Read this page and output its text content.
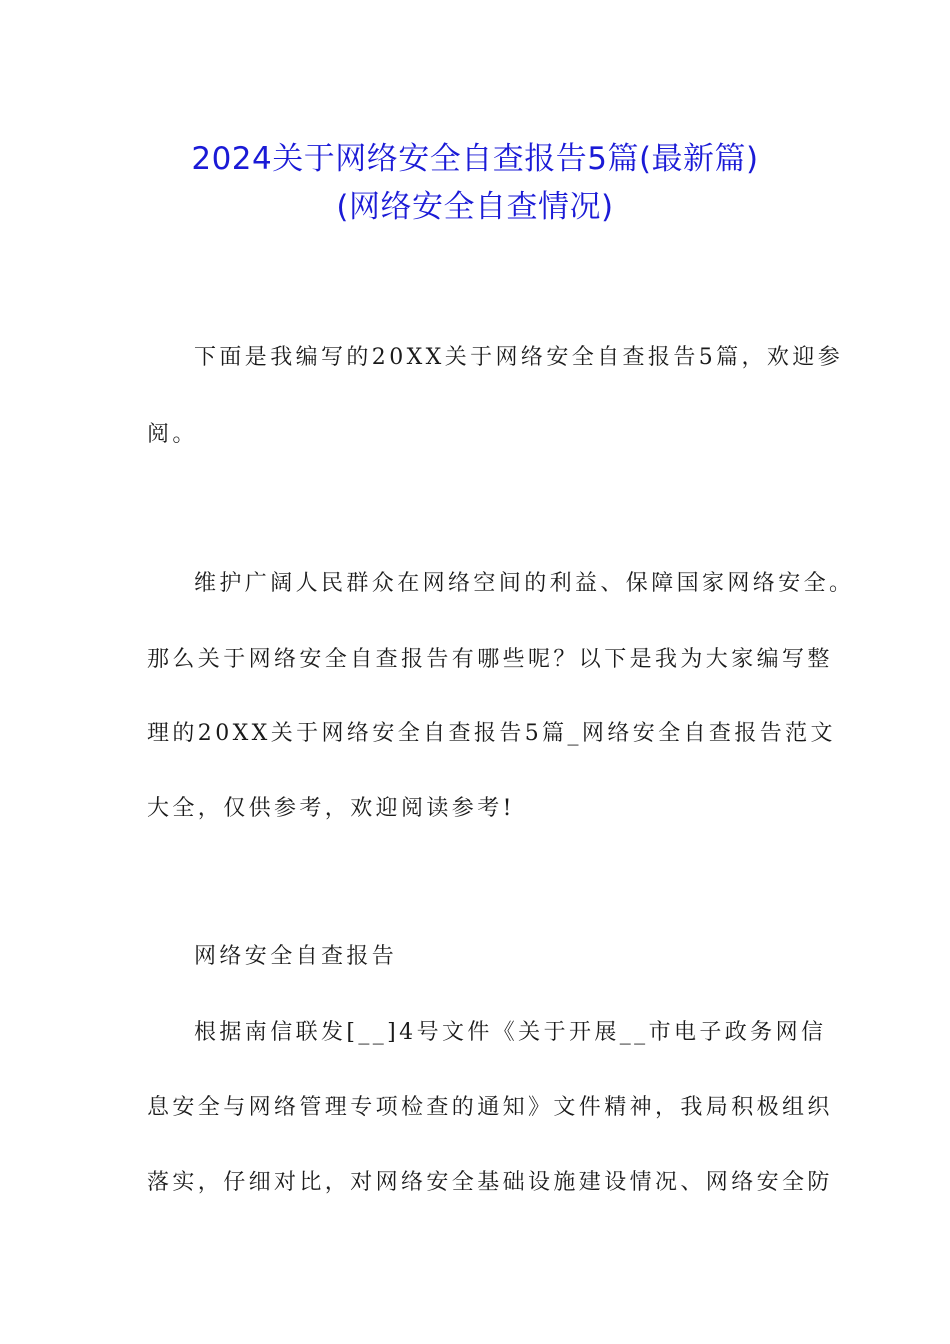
2024关于网络安全自查报告5篇(最新篇)
(网络安全自查情况)
下面是我编写的20XX关于网络安全自查报告5篇，欢迎参
阅。
维护广阔人民群众在网络空间的利益、保障国家网络安全。
那么关于网络安全自查报告有哪些呢？以下是我为大家编写整
理的20XX关于网络安全自查报告5篇_网络安全自查报告范文
大全，仅供参考，欢迎阅读参考!
网络安全自查报告
根据南信联发[__]4号文件《关于开展__市电子政务网信
息安全与网络管理专项检查的通知》文件精神，我局积极组织
落实，仔细对比，对网络安全基础设施建设情况、网络安全防
